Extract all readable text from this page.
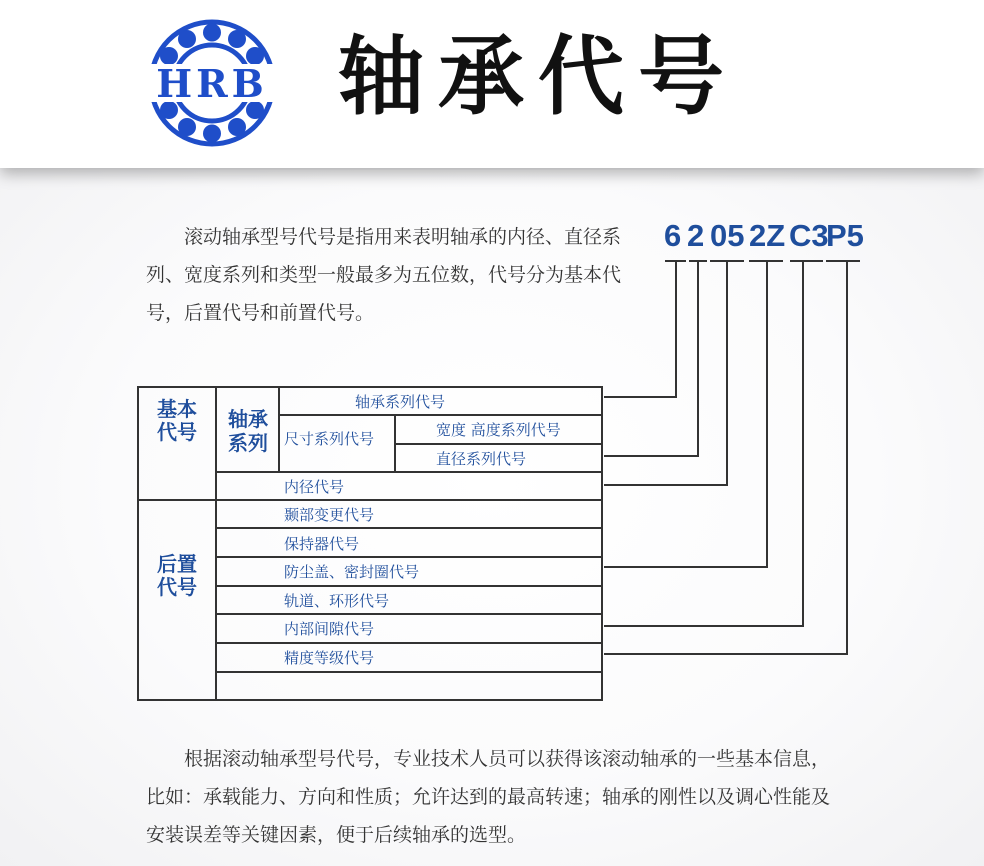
HRB 轴承代号

滚动轴承型号代号是指用来表明轴承的内径、直径系列、宽度系列和类型一般最多为五位数，代号分为基本代号，后置代号和前置代号。

6 2 05 2Z C3
P5
基本代号
轴承系列
后置代号
轴承系列代号
尺寸系列代号	宽度 高度系列代号
直径系列代号
内径代号
颞部变更代号
保持器代号
防尘盖、密封圈代号
轨道、环形代号
内部间隙代号
精度等级代号

根据滚动轴承型号代号，专业技术人员可以获得该滚动轴承的一些基本信息，比如：承载能力、方向和性质；允许达到的最高转速；轴承的刚性以及调心性能及安装误差等关键因素，便于后续轴承的选型。
